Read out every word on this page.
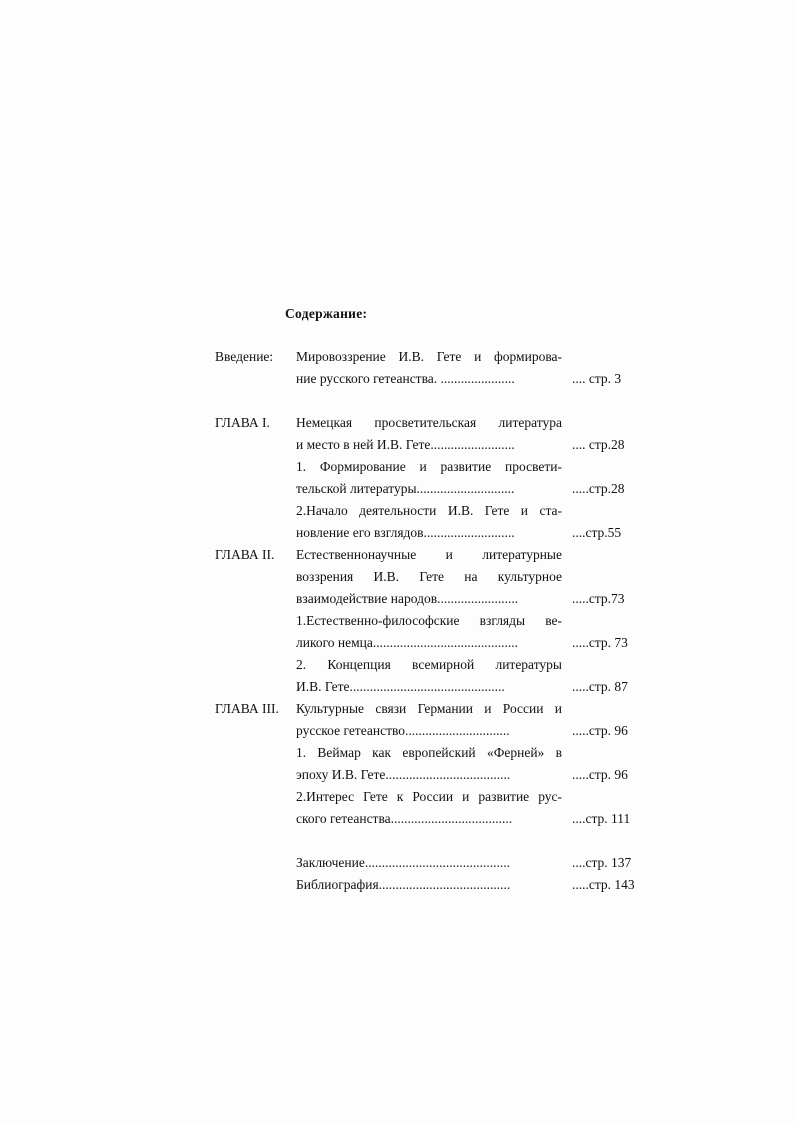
Содержание:
Введение: Мировоззрение И.В. Гете и формирова-
ние русского гетеанства. ......................	.... стр. 3
ГЛАВА I. Немецкая просветительская литература
и место в ней И.В. Гете.........................	.... стр.28
1. Формирование и развитие просвети-
тельской литературы.............................	.....стр.28
2.Начало деятельности И.В. Гете и ста-
новление его взглядов...........................	....стр.55
ГЛАВА II. Естественнонаучные и литературные
воззрения И.В. Гете на культурное
взаимодействие народов........................	.....стр.73
1.Естественно-философские взгляды ве-
ликого немца...........................................	.....стр. 73
2. Концепция всемирной литературы
И.В. Гете..............................................	.....стр. 87
ГЛАВА III. Культурные связи Германии и России и
русское гетеанство...............................	.....стр. 96
1. Веймар как европейский «Ферней» в
эпоху И.В. Гете.....................................	.....стр. 96
2.Интерес Гете к России и развитие рус-
ского гетеанства....................................	....стр. 111
Заключение...........................................	....стр. 137
Библиография.......................................	.....стр. 143
